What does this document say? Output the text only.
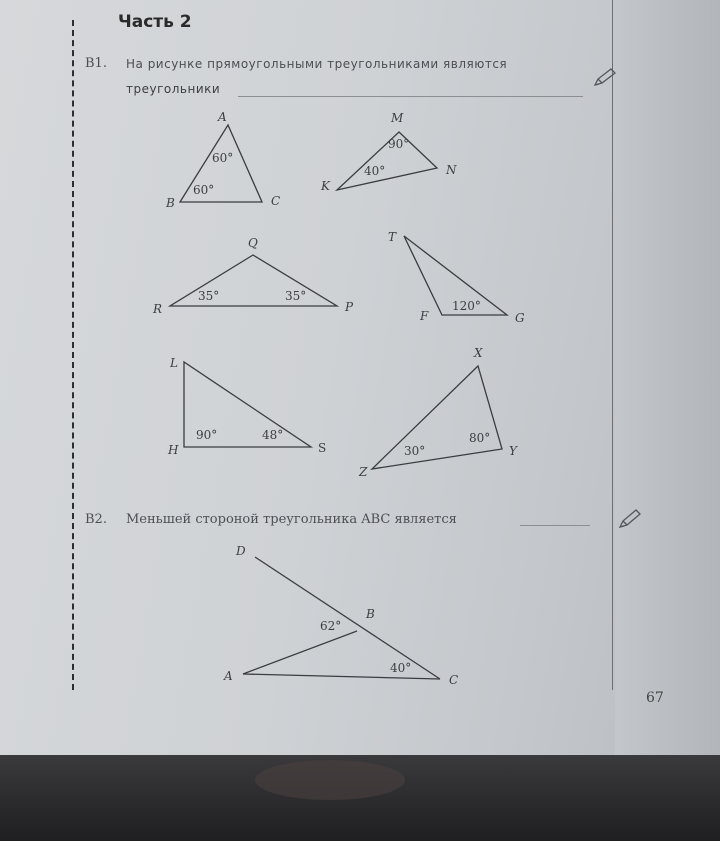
Часть 2
В1. На рисунке прямоугольными треугольниками являются
треугольники
В2. Меньшей стороной треугольника ABC является
A
B	C
60°
60°
M
N
K
90°
40°
Q
R	P
35°	35°
T
F	G
120°
L
H	S
90°	48°
X
Z
Y
30°
80°
D
B
A	C
62°
40°
67
